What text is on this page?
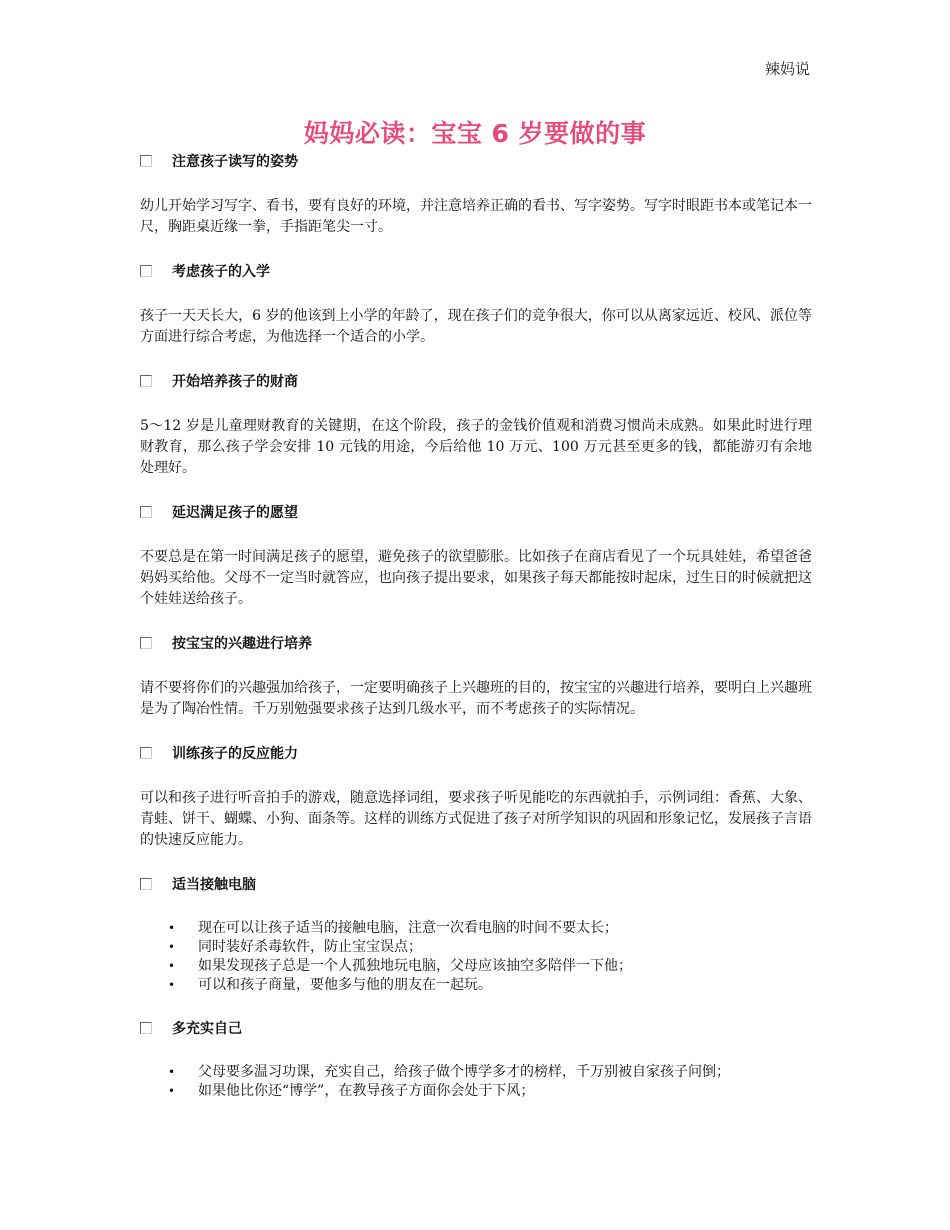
辣妈说
妈妈必读：宝宝 6 岁要做的事
注意孩子读写的姿势
幼儿开始学习写字、看书，要有良好的环境，并注意培养正确的看书、写字姿势。写字时眼距书本或笔记本一尺，胸距桌近缘一拳，手指距笔尖一寸。
考虑孩子的入学
孩子一天天长大，6 岁的他该到上小学的年龄了，现在孩子们的竞争很大，你可以从离家远近、校风、派位等方面进行综合考虑，为他选择一个适合的小学。
开始培养孩子的财商
5～12 岁是儿童理财教育的关键期，在这个阶段，孩子的金钱价值观和消费习惯尚未成熟。如果此时进行理财教育，那么孩子学会安排 10 元钱的用途，今后给他 10 万元、100 万元甚至更多的钱，都能游刃有余地处理好。
延迟满足孩子的愿望
不要总是在第一时间满足孩子的愿望，避免孩子的欲望膨胀。比如孩子在商店看见了一个玩具娃娃，希望爸爸妈妈买给他。父母不一定当时就答应，也向孩子提出要求，如果孩子每天都能按时起床，过生日的时候就把这个娃娃送给孩子。
按宝宝的兴趣进行培养
请不要将你们的兴趣强加给孩子，一定要明确孩子上兴趣班的目的，按宝宝的兴趣进行培养，要明白上兴趣班是为了陶冶性情。千万别勉强要求孩子达到几级水平，而不考虑孩子的实际情况。
训练孩子的反应能力
可以和孩子进行听音拍手的游戏，随意选择词组，要求孩子听见能吃的东西就拍手，示例词组：香蕉、大象、青蛙、饼干、蝴蝶、小狗、面条等。这样的训练方式促进了孩子对所学知识的巩固和形象记忆，发展孩子言语的快速反应能力。
适当接触电脑
• 现在可以让孩子适当的接触电脑，注意一次看电脑的时间不要太长；
• 同时装好杀毒软件，防止宝宝误点；
• 如果发现孩子总是一个人孤独地玩电脑，父母应该抽空多陪伴一下他；
• 可以和孩子商量，要他多与他的朋友在一起玩。
多充实自己
• 父母要多温习功课，充实自己，给孩子做个博学多才的榜样，千万别被自家孩子问倒；
• 如果他比你还“博学”，在教导孩子方面你会处于下风；
